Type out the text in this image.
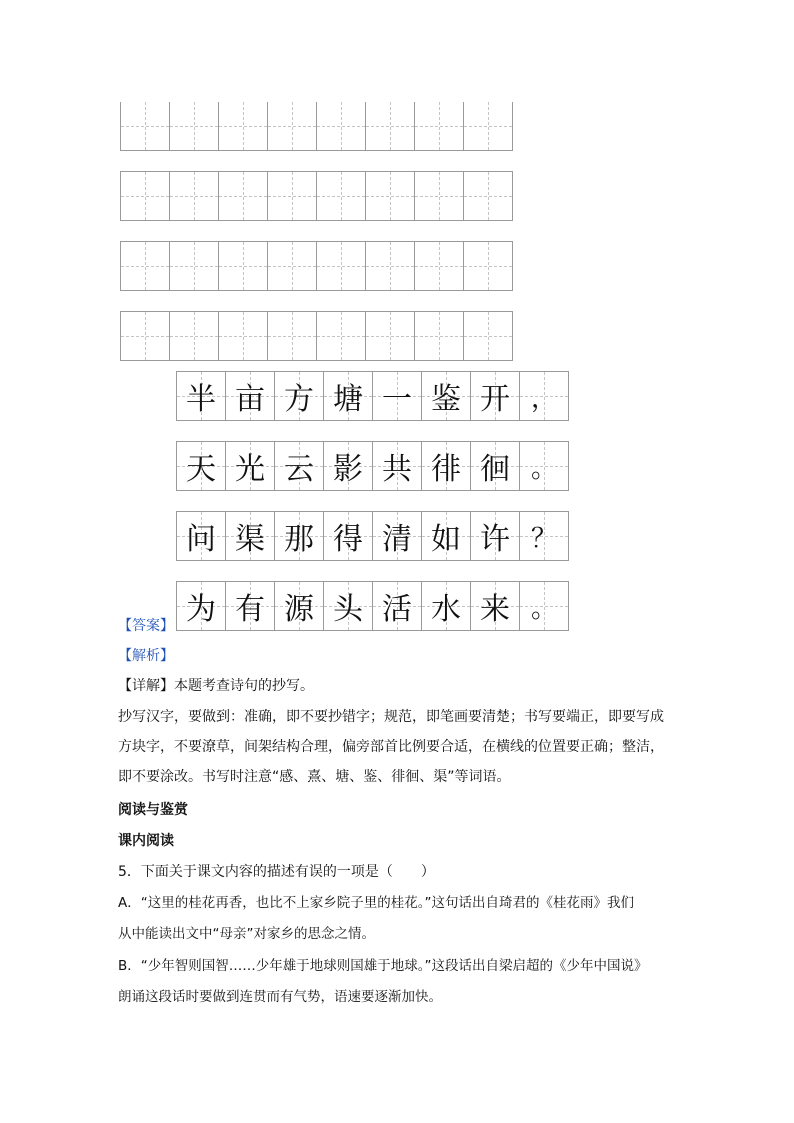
半 亩 方 塘 一 鉴 开 ，
天 光 云 影 共 徘 徊 。
问 渠 那 得 清 如 许 ？
为 有 源 头 活 水 来 。
【答案】
【解析】
【详解】本题考查诗句的抄写。
抄写汉字，要做到：准确，即不要抄错字；规范，即笔画要清楚；书写要端正，即要写成
方块字，不要潦草，间架结构合理，偏旁部首比例要合适，在横线的位置要正确；整洁，
即不要涂改。书写时注意“感、熹、塘、鉴、徘徊、渠”等词语。
阅读与鉴赏
课内阅读
5．下面关于课文内容的描述有误的一项是（　　）
A．“这里的桂花再香，也比不上家乡院子里的桂花。”这句话出自琦君的《桂花雨》我们
从中能读出文中“母亲”对家乡的思念之情。
B．“少年智则国智……少年雄于地球则国雄于地球。”这段话出自梁启超的《少年中国说》
朗诵这段话时要做到连贯而有气势，语速要逐渐加快。
